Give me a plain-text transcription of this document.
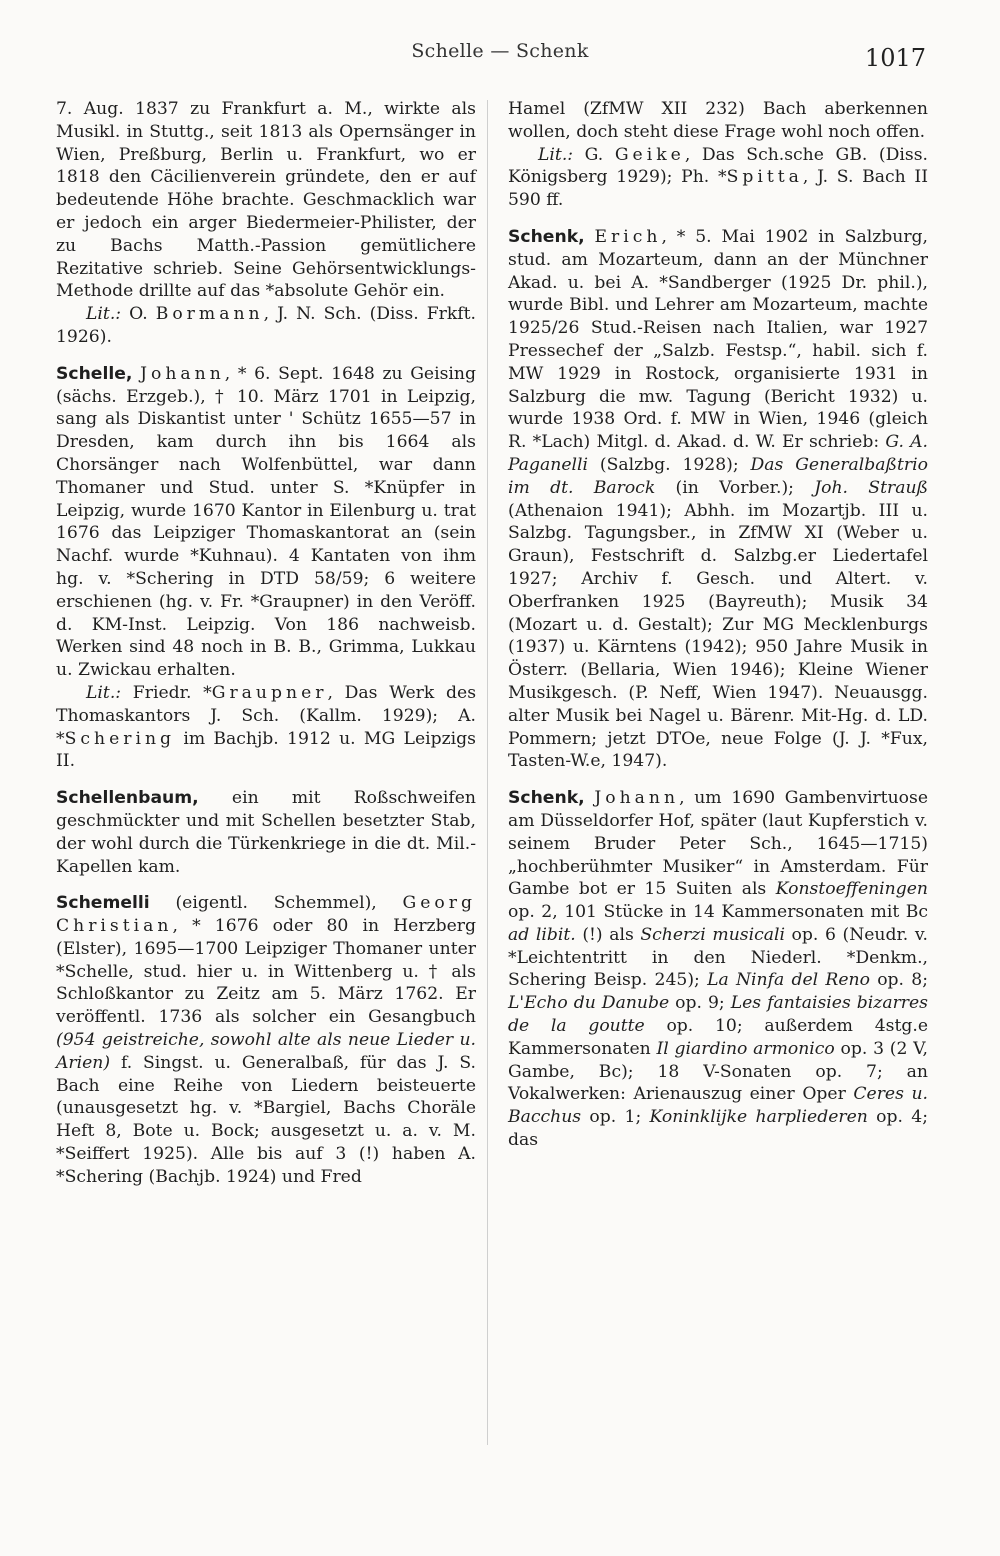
Schelle — Schenk	1017

7. Aug. 1837 zu Frankfurt a. M., wirkte als Musikl. in Stuttg., seit 1813 als Opernsänger in Wien, Preßburg, Berlin u. Frankfurt, wo er 1818 den Cäcilienverein gründete, den er auf bedeutende Höhe brachte. Geschmacklich war er jedoch ein arger Biedermeier-Philister, der zu Bachs Matth.-Passion gemütlichere Rezitative schrieb. Seine Gehörsentwicklungs-Methode drillte auf das *absolute Gehör ein.

Lit.: O. Bormann, J. N. Sch. (Diss. Frkft. 1926).

Schelle, Johann, * 6. Sept. 1648 zu Geising (sächs. Erzgeb.), † 10. März 1701 in Leipzig, sang als Diskantist unter ' Schütz 1655—57 in Dresden, kam durch ihn bis 1664 als Chorsänger nach Wolfenbüttel, war dann Thomaner und Stud. unter S. *Knüpfer in Leipzig, wurde 1670 Kantor in Eilenburg u. trat 1676 das Leipziger Thomaskantorat an (sein Nachf. wurde *Kuhnau). 4 Kantaten von ihm hg. v. *Schering in DTD 58/59; 6 weitere erschienen (hg. v. Fr. *Graupner) in den Veröff. d. KM-Inst. Leipzig. Von 186 nachweisb. Werken sind 48 noch in B. B., Grimma, Lukkau u. Zwickau erhalten.

Lit.: Friedr. *Graupner, Das Werk des Thomaskantors J. Sch. (Kallm. 1929); A. *Schering im Bachjb. 1912 u. MG Leipzigs II.

Schellenbaum, ein mit Roßschweifen geschmückter und mit Schellen besetzter Stab, der wohl durch die Türkenkriege in die dt. Mil.-Kapellen kam.

Schemelli (eigentl. Schemmel), Georg Christian, * 1676 oder 80 in Herzberg (Elster), 1695—1700 Leipziger Thomaner unter *Schelle, stud. hier u. in Wittenberg u. † als Schloßkantor zu Zeitz am 5. März 1762. Er veröffentl. 1736 als solcher ein Gesangbuch (954 geistreiche, sowohl alte als neue Lieder u. Arien) f. Singst. u. Generalbaß, für das J. S. Bach eine Reihe von Liedern beisteuerte (unausgesetzt hg. v. *Bargiel, Bachs Choräle Heft 8, Bote u. Bock; ausgesetzt u. a. v. M. *Seiffert 1925). Alle bis auf 3 (!) haben A. *Schering (Bachjb. 1924) und Fred

Hamel (ZfMW XII 232) Bach aberkennen wollen, doch steht diese Frage wohl noch offen.

Lit.: G. Geike, Das Sch.sche GB. (Diss. Königsberg 1929); Ph. *Spitta, J. S. Bach II 590 ff.

Schenk, Erich, * 5. Mai 1902 in Salzburg, stud. am Mozarteum, dann an der Münchner Akad. u. bei A. *Sandberger (1925 Dr. phil.), wurde Bibl. und Lehrer am Mozarteum, machte 1925/26 Stud.-Reisen nach Italien, war 1927 Pressechef der „Salzb. Festsp.“, habil. sich f. MW 1929 in Rostock, organisierte 1931 in Salzburg die mw. Tagung (Bericht 1932) u. wurde 1938 Ord. f. MW in Wien, 1946 (gleich R. *Lach) Mitgl. d. Akad. d. W. Er schrieb: G. A. Paganelli (Salzbg. 1928); Das Generalbaßtrio im dt. Barock (in Vorber.); Joh. Strauß (Athenaion 1941); Abhh. im Mozartjb. III u. Salzbg. Tagungsber., in ZfMW XI (Weber u. Graun), Festschrift d. Salzbg.er Liedertafel 1927; Archiv f. Gesch. und Altert. v. Oberfranken 1925 (Bayreuth); Musik 34 (Mozart u. d. Gestalt); Zur MG Mecklenburgs (1937) u. Kärntens (1942); 950 Jahre Musik in Österr. (Bellaria, Wien 1946); Kleine Wiener Musikgesch. (P. Neff, Wien 1947). Neuausgg. alter Musik bei Nagel u. Bärenr. Mit-Hg. d. LD. Pommern; jetzt DTOe, neue Folge (J. J. *Fux, Tasten-W.e, 1947).

Schenk, Johann, um 1690 Gambenvirtuose am Düsseldorfer Hof, später (laut Kupferstich v. seinem Bruder Peter Sch., 1645—1715) „hochberühmter Musiker“ in Amsterdam. Für Gambe bot er 15 Suiten als Konstoeffeningen op. 2, 101 Stücke in 14 Kammersonaten mit Bc ad libit. (!) als Scherzi musicali op. 6 (Neudr. v. *Leichtentritt in den Niederl. *Denkm., Schering Beisp. 245); La Ninfa del Reno op. 8; L'Echo du Danube op. 9; Les fantaisies bizarres de la goutte op. 10; außerdem 4stg.e Kammersonaten Il giardino armonico op. 3 (2 V, Gambe, Bc); 18 V-Sonaten op. 7; an Vokalwerken: Arienauszug einer Oper Ceres u. Bacchus op. 1; Koninklijke harpliederen op. 4; das
